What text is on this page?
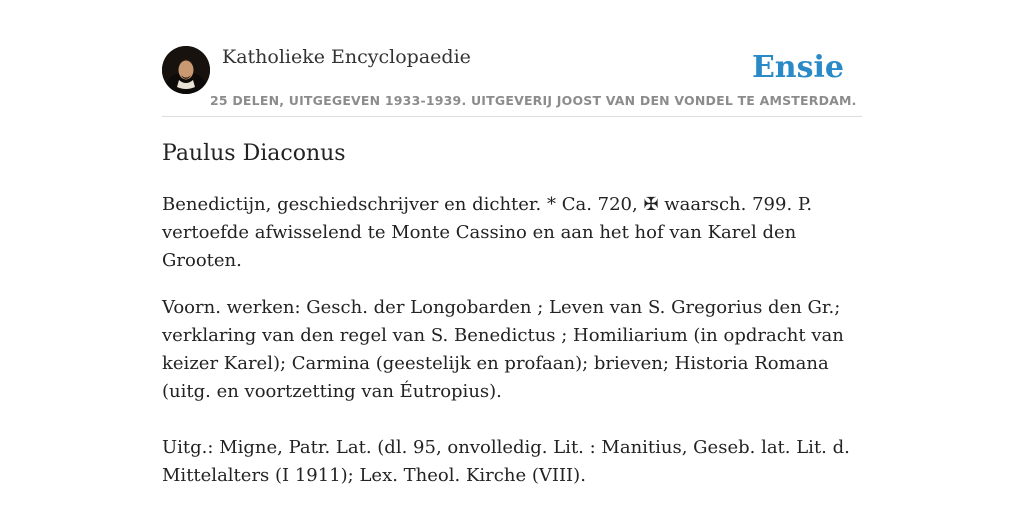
Katholieke Encyclopaedie
25 DELEN, UITGEGEVEN 1933-1939. UITGEVERIJ JOOST VAN DEN VONDEL TE AMSTERDAM.
Ensie
Paulus Diaconus

Benedictijn, geschiedschrijver en dichter. * Ca. 720, ✠ waarsch. 799. P. vertoefde afwisselend te Monte Cassino en aan het hof van Karel den Grooten.

Voorn. werken: Gesch. der Longobarden ; Leven van S. Gregorius den Gr.; verklaring van den regel van S. Benedictus ; Homiliarium (in opdracht van keizer Karel); Carmina (geestelijk en profaan); brieven; Historia Romana (uitg. en voortzetting van Éutropius).

Uitg.: Migne, Patr. Lat. (dl. 95, onvolledig. Lit. : Manitius, Geseb. lat. Lit. d. Mittelalters (I 1911); Lex. Theol. Kirche (VIII).
